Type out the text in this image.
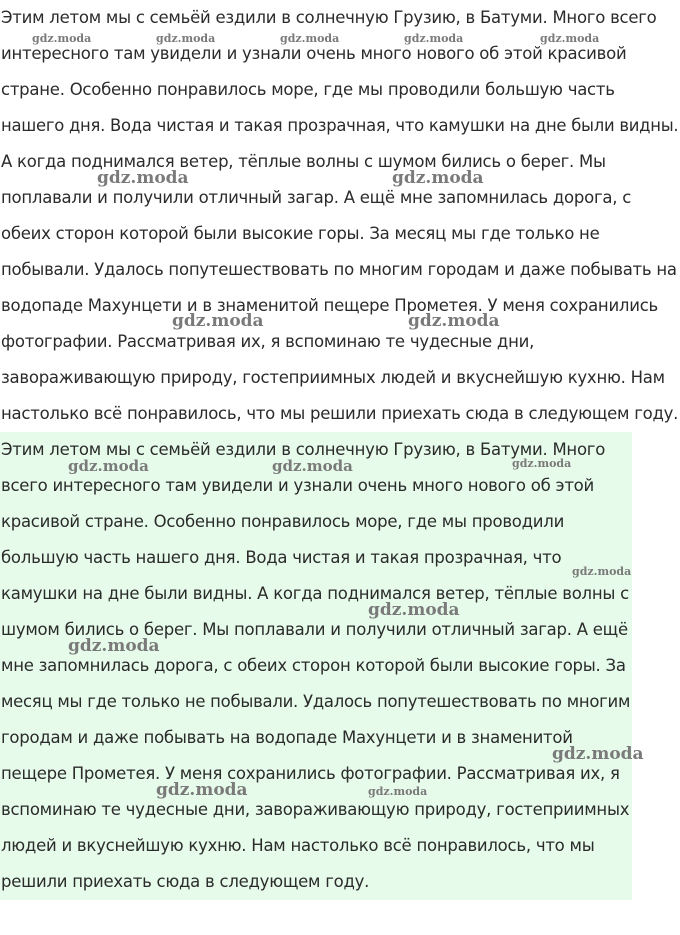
Этим летом мы с семьёй ездили в солнечную Грузию, в Батуми. Много всего
интересного там увидели и узнали очень много нового об этой красивой
стране. Особенно понравилось море, где мы проводили большую часть
нашего дня. Вода чистая и такая прозрачная, что камушки на дне были видны.
А когда поднимался ветер, тёплые волны с шумом бились о берег. Мы
поплавали и получили отличный загар. А ещё мне запомнилась дорога, с
обеих сторон которой были высокие горы. За месяц мы где только не
побывали. Удалось попутешествовать по многим городам и даже побывать на
водопаде Махунцети и в знаменитой пещере Прометея. У меня сохранились
фотографии. Рассматривая их, я вспоминаю те чудесные дни,
завораживающую природу, гостеприимных людей и вкуснейшую кухню. Нам
настолько всё понравилось, что мы решили приехать сюда в следующем году.
Этим летом мы с семьёй ездили в солнечную Грузию, в Батуми. Много
всего интересного там увидели и узнали очень много нового об этой
красивой стране. Особенно понравилось море, где мы проводили
большую часть нашего дня. Вода чистая и такая прозрачная, что
камушки на дне были видны. А когда поднимался ветер, тёплые волны с
шумом бились о берег. Мы поплавали и получили отличный загар. А ещё
мне запомнилась дорога, с обеих сторон которой были высокие горы. За
месяц мы где только не побывали. Удалось попутешествовать по многим
городам и даже побывать на водопаде Махунцети и в знаменитой
пещере Прометея. У меня сохранились фотографии. Рассматривая их, я
вспоминаю те чудесные дни, завораживающую природу, гостеприимных
людей и вкуснейшую кухню. Нам настолько всё понравилось, что мы
решили приехать сюда в следующем году.
gdz.moda	gdz.moda	gdz.moda	gdz.moda	gdz.moda
gdz.moda	gdz.moda
gdz.moda	gdz.moda
gdz.moda	gdz.moda	gdz.moda
gdz.moda
gdz.moda
gdz.moda
gdz.moda
gdz.moda	gdz.moda
